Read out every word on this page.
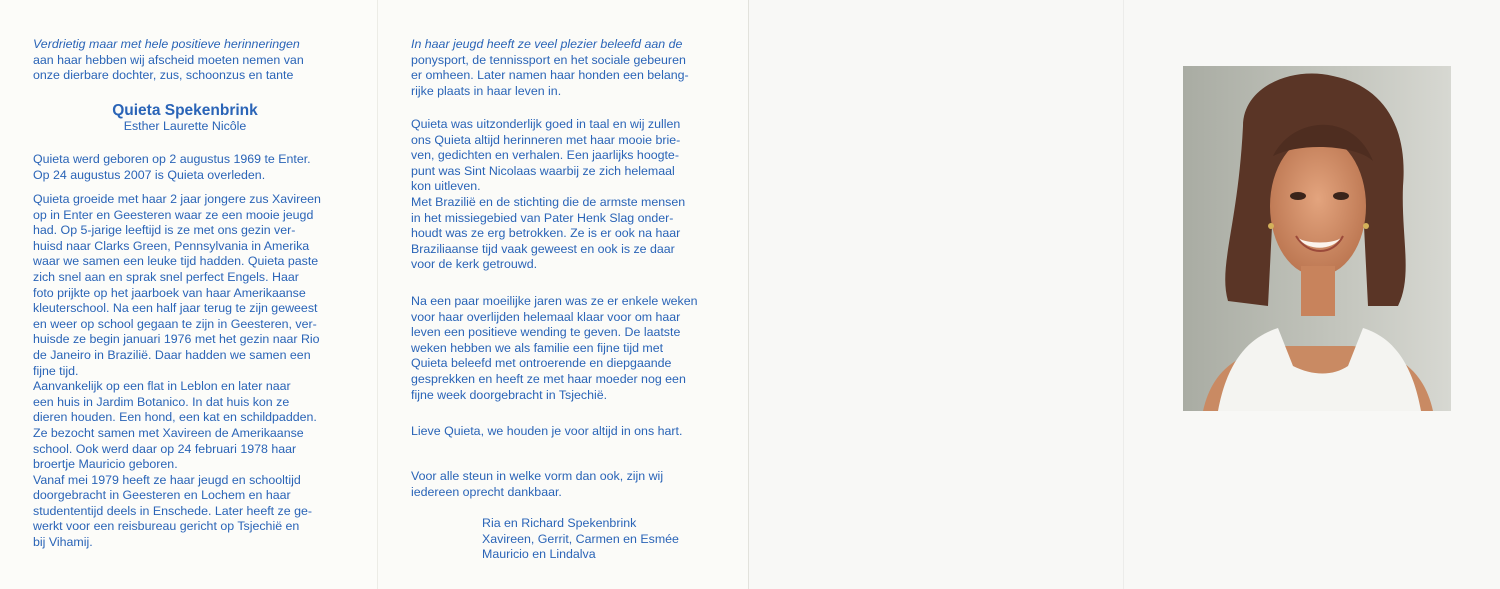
Verdrietig maar met hele positieve herinneringen
aan haar hebben wij afscheid moeten nemen van
onze dierbare dochter, zus, schoonzus en tante
Quieta Spekenbrink
Esther Laurette Nicôle
Quieta werd geboren op 2 augustus 1969 te Enter.
Op 24 augustus 2007 is Quieta overleden.
Quieta groeide met haar 2 jaar jongere zus Xavireen
op in Enter en Geesteren waar ze een mooie jeugd
had. Op 5-jarige leeftijd is ze met ons gezin ver-
huisd naar Clarks Green, Pennsylvania in Amerika
waar we samen een leuke tijd hadden. Quieta paste
zich snel aan en sprak snel perfect Engels. Haar
foto prijkte op het jaarboek van haar Amerikaanse
kleuterschool. Na een half jaar terug te zijn geweest
en weer op school gegaan te zijn in Geesteren, ver-
huisde ze begin januari 1976 met het gezin naar Rio
de Janeiro in Brazilië. Daar hadden we samen een
fijne tijd.
Aanvankelijk op een flat in Leblon en later naar
een huis in Jardim Botanico. In dat huis kon ze
dieren houden. Een hond, een kat en schildpadden.
Ze bezocht samen met Xavireen de Amerikaanse
school. Ook werd daar op 24 februari 1978 haar
broertje Mauricio geboren.
Vanaf mei 1979 heeft ze haar jeugd en schooltijd
doorgebracht in Geesteren en Lochem en haar
studententijd deels in Enschede. Later heeft ze ge-
werkt voor een reisbureau gericht op Tsjechië en
bij Vihamij.
In haar jeugd heeft ze veel plezier beleefd aan de
ponysport, de tennissport en het sociale gebeuren
er omheen. Later namen haar honden een belang-
rijke plaats in haar leven in.
Quieta was uitzonderlijk goed in taal en wij zullen
ons Quieta altijd herinneren met haar mooie brie-
ven, gedichten en verhalen. Een jaarlijks hoogte-
punt was Sint Nicolaas waarbij ze zich helemaal
kon uitleven.
Met Brazilië en de stichting die de armste mensen
in het missiegebied van Pater Henk Slag onder-
houdt was ze erg betrokken. Ze is er ook na haar
Braziliaanse tijd vaak geweest en ook is ze daar
voor de kerk getrouwd.
Na een paar moeilijke jaren was ze er enkele weken
voor haar overlijden helemaal klaar voor om haar
leven een positieve wending te geven. De laatste
weken hebben we als familie een fijne tijd met
Quieta beleefd met ontroerende en diepgaande
gesprekken en heeft ze met haar moeder nog een
fijne week doorgebracht in Tsjechië.
Lieve Quieta, we houden je voor altijd in ons hart.
Voor alle steun in welke vorm dan ook, zijn wij
iedereen oprecht dankbaar.
Ria en Richard Spekenbrink
Xavireen, Gerrit, Carmen en Esmée
Mauricio en Lindalva
